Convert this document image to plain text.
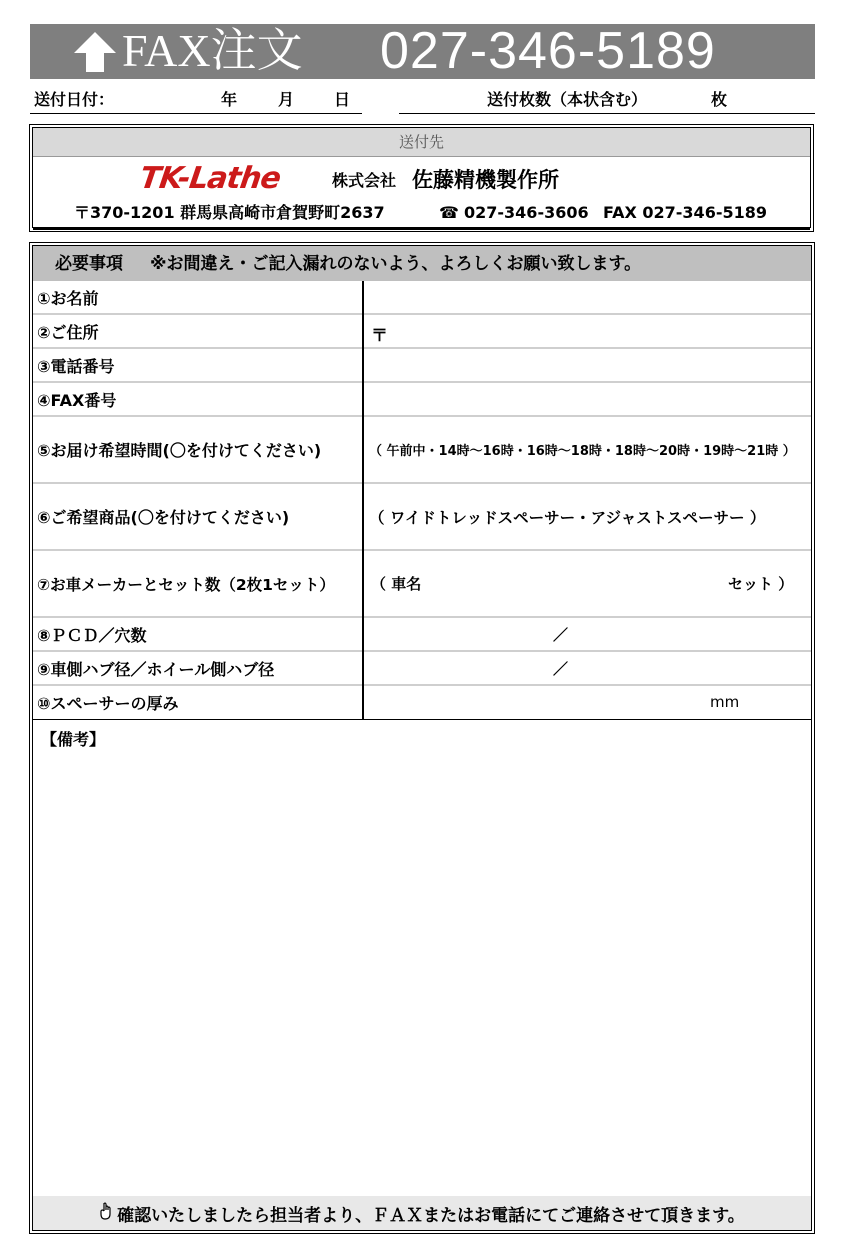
FAX注文 027-346-5189
送付日付：	年	月 日	送付枚数（本状含む）	枚
送付先
TK-Lathe	株式会社 佐藤精機製作所
〒370-1201 群馬県高崎市倉賀野町2637	☎ 027-346-3606 FAX 027-346-5189
必要事項 ※お間違え・ご記入漏れのないよう、よろしくお願い致します。
①お名前
②ご住所	〒
③電話番号
④FAX番号
⑤お届け希望時間(〇を付けてください)	（ 午前中・14時～16時・16時～18時・18時～20時・19時～21時 ）
⑥ご希望商品(〇を付けてください)	（ ワイドトレッドスペーサー・アジャストスペーサー ）
⑦お車メーカーとセット数（2枚1セット） （ 車名	セット ）
⑧ＰＣＤ／穴数	／
⑨車側ハブ径／ホイール側ハブ径	／
⑩スペーサーの厚み	mm
【備考】
確認いたしましたら担当者より、ＦＡＸまたはお電話にてご連絡させて頂きます。
